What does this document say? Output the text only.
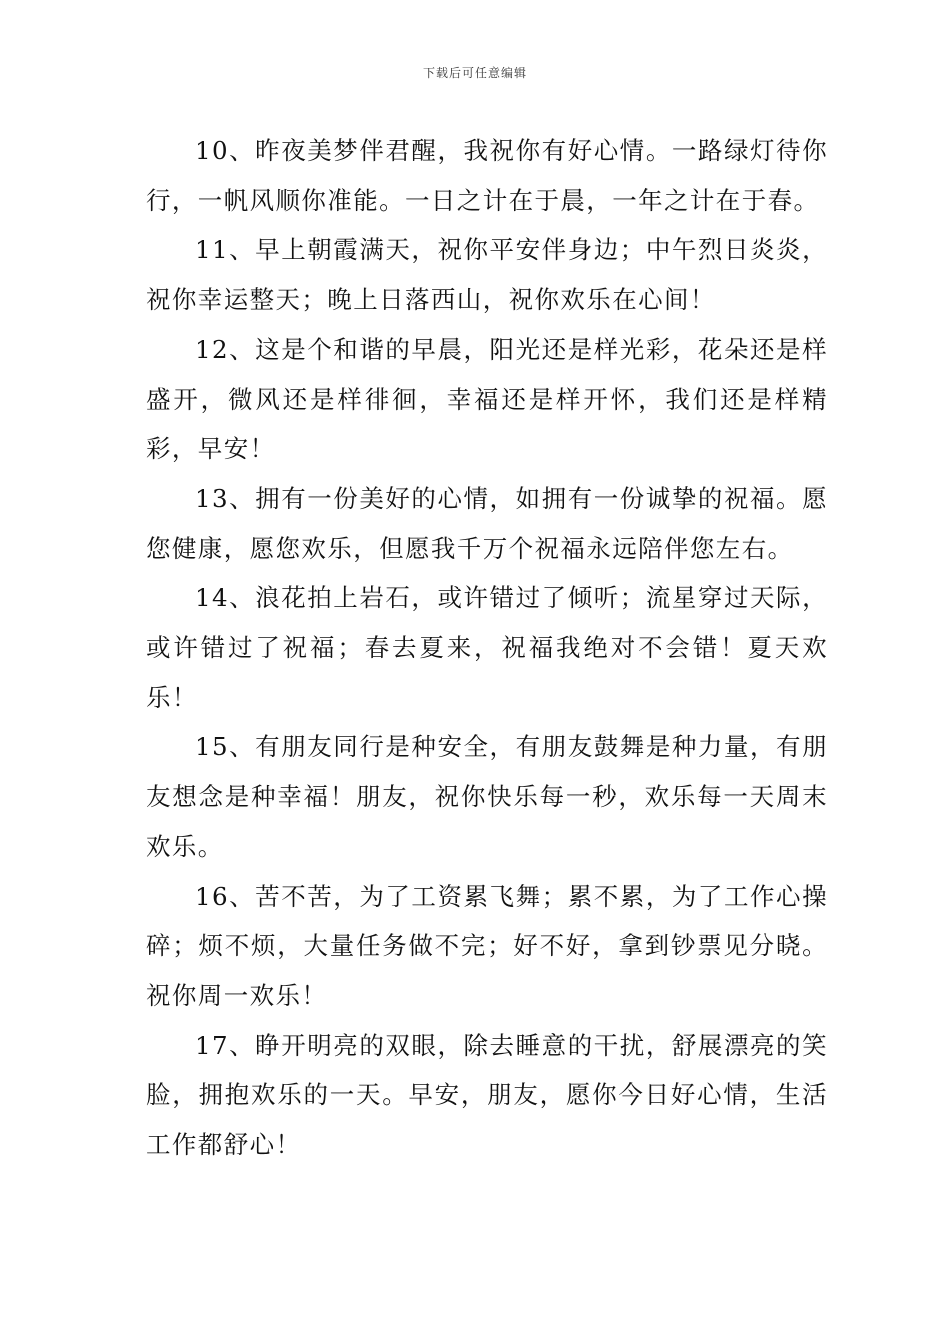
下载后可任意编辑

10、昨夜美梦伴君醒，我祝你有好心情。一路绿灯待你行，一帆风顺你准能。一日之计在于晨，一年之计在于春。

11、早上朝霞满天，祝你平安伴身边；中午烈日炎炎，祝你幸运整天；晚上日落西山，祝你欢乐在心间！

12、这是个和谐的早晨，阳光还是样光彩，花朵还是样盛开，微风还是样徘徊，幸福还是样开怀，我们还是样精彩，早安！

13、拥有一份美好的心情，如拥有一份诚挚的祝福。愿您健康，愿您欢乐，但愿我千万个祝福永远陪伴您左右。

14、浪花拍上岩石，或许错过了倾听；流星穿过天际，或许错过了祝福；春去夏来，祝福我绝对不会错！夏天欢乐！

15、有朋友同行是种安全，有朋友鼓舞是种力量，有朋友想念是种幸福！朋友，祝你快乐每一秒，欢乐每一天周末欢乐。

16、苦不苦，为了工资累飞舞；累不累，为了工作心操碎；烦不烦，大量任务做不完；好不好，拿到钞票见分晓。祝你周一欢乐！

17、睁开明亮的双眼，除去睡意的干扰，舒展漂亮的笑脸，拥抱欢乐的一天。早安，朋友，愿你今日好心情，生活工作都舒心！
